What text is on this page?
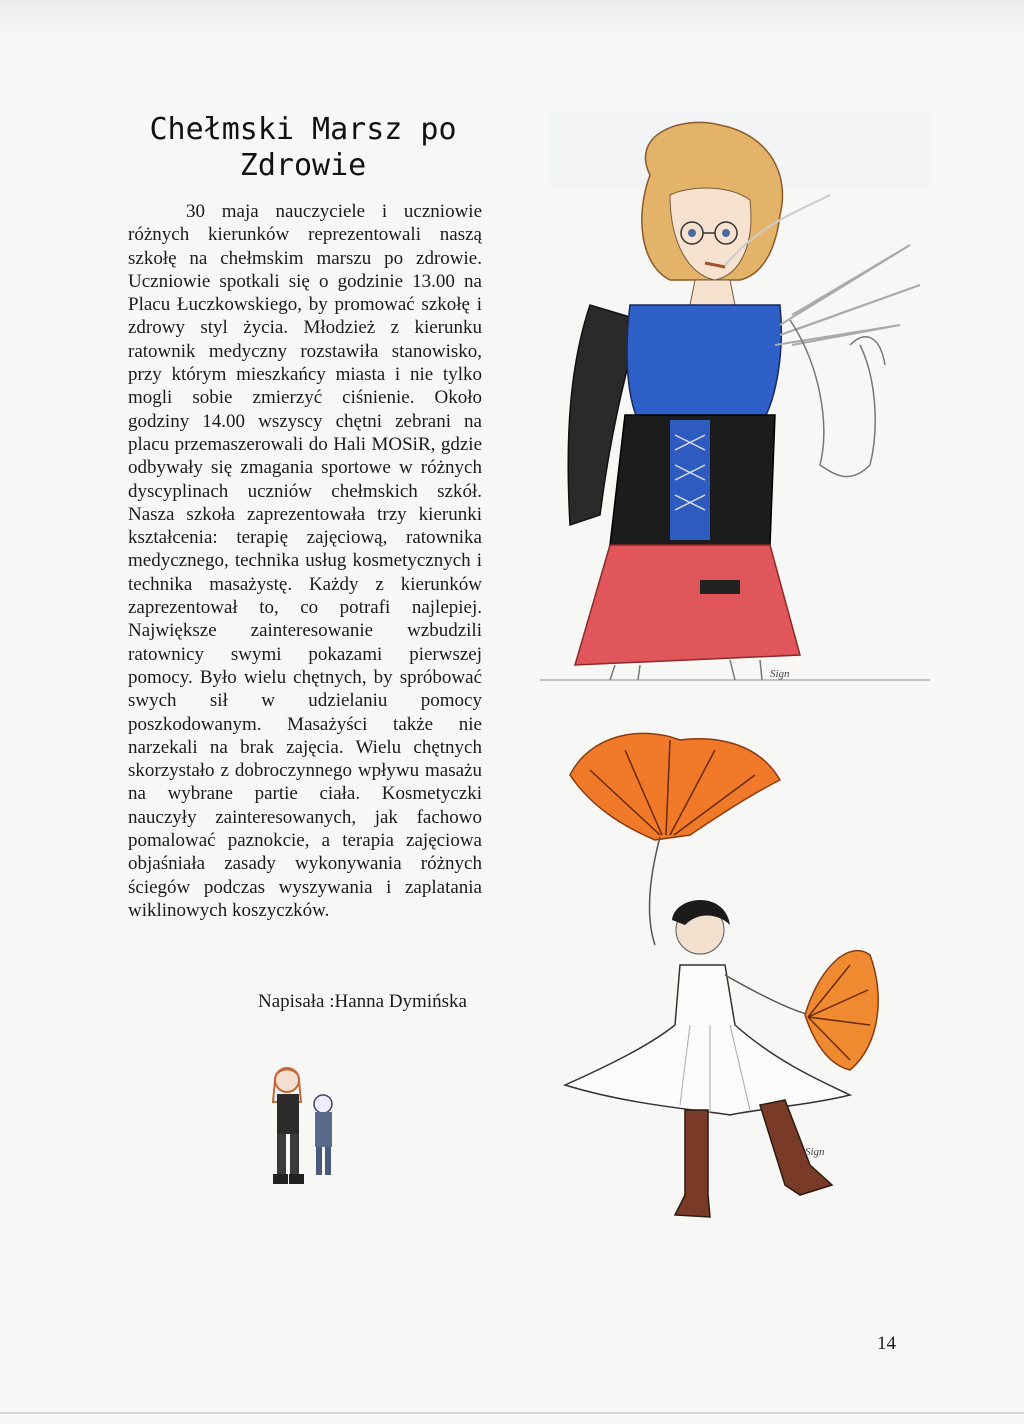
Chełmski Marsz po Zdrowie

30 maja nauczyciele i uczniowie różnych kierunków reprezentowali naszą szkołę na chełmskim marszu po zdrowie. Uczniowie spotkali się o godzinie 13.00 na Placu Łuczkowskiego, by promować szkołę i zdrowy styl życia. Młodzież z kierunku ratownik medyczny rozstawiła stanowisko, przy którym mieszkańcy miasta i nie tylko mogli sobie zmierzyć ciśnienie. Około godziny 14.00 wszyscy chętni zebrani na placu przemaszerowali do Hali MOSiR, gdzie odbywały się zmagania sportowe w różnych dyscyplinach uczniów chełmskich szkół. Nasza szkoła zaprezentowała trzy kierunki kształcenia: terapię zajęciową, ratownika medycznego, technika usług kosmetycznych i technika masażystę. Każdy z kierunków zaprezentował to, co potrafi najlepiej. Największe zainteresowanie wzbudzili ratownicy swymi pokazami pierwszej pomocy. Było wielu chętnych, by spróbować swych sił w udzielaniu pomocy poszkodowanym. Masażyści także nie narzekali na brak zajęcia. Wielu chętnych skorzystało z dobroczynnego wpływu masażu na wybrane partie ciała. Kosmetyczki nauczyły zainteresowanych, jak fachowo pomalować paznokcie, a terapia zajęciowa objaśniała zasady wykonywania różnych ściegów podczas wyszywania i zaplatania wiklinowych koszyczków.

Napisała :Hanna Dymińska
Sign
Sign
14
